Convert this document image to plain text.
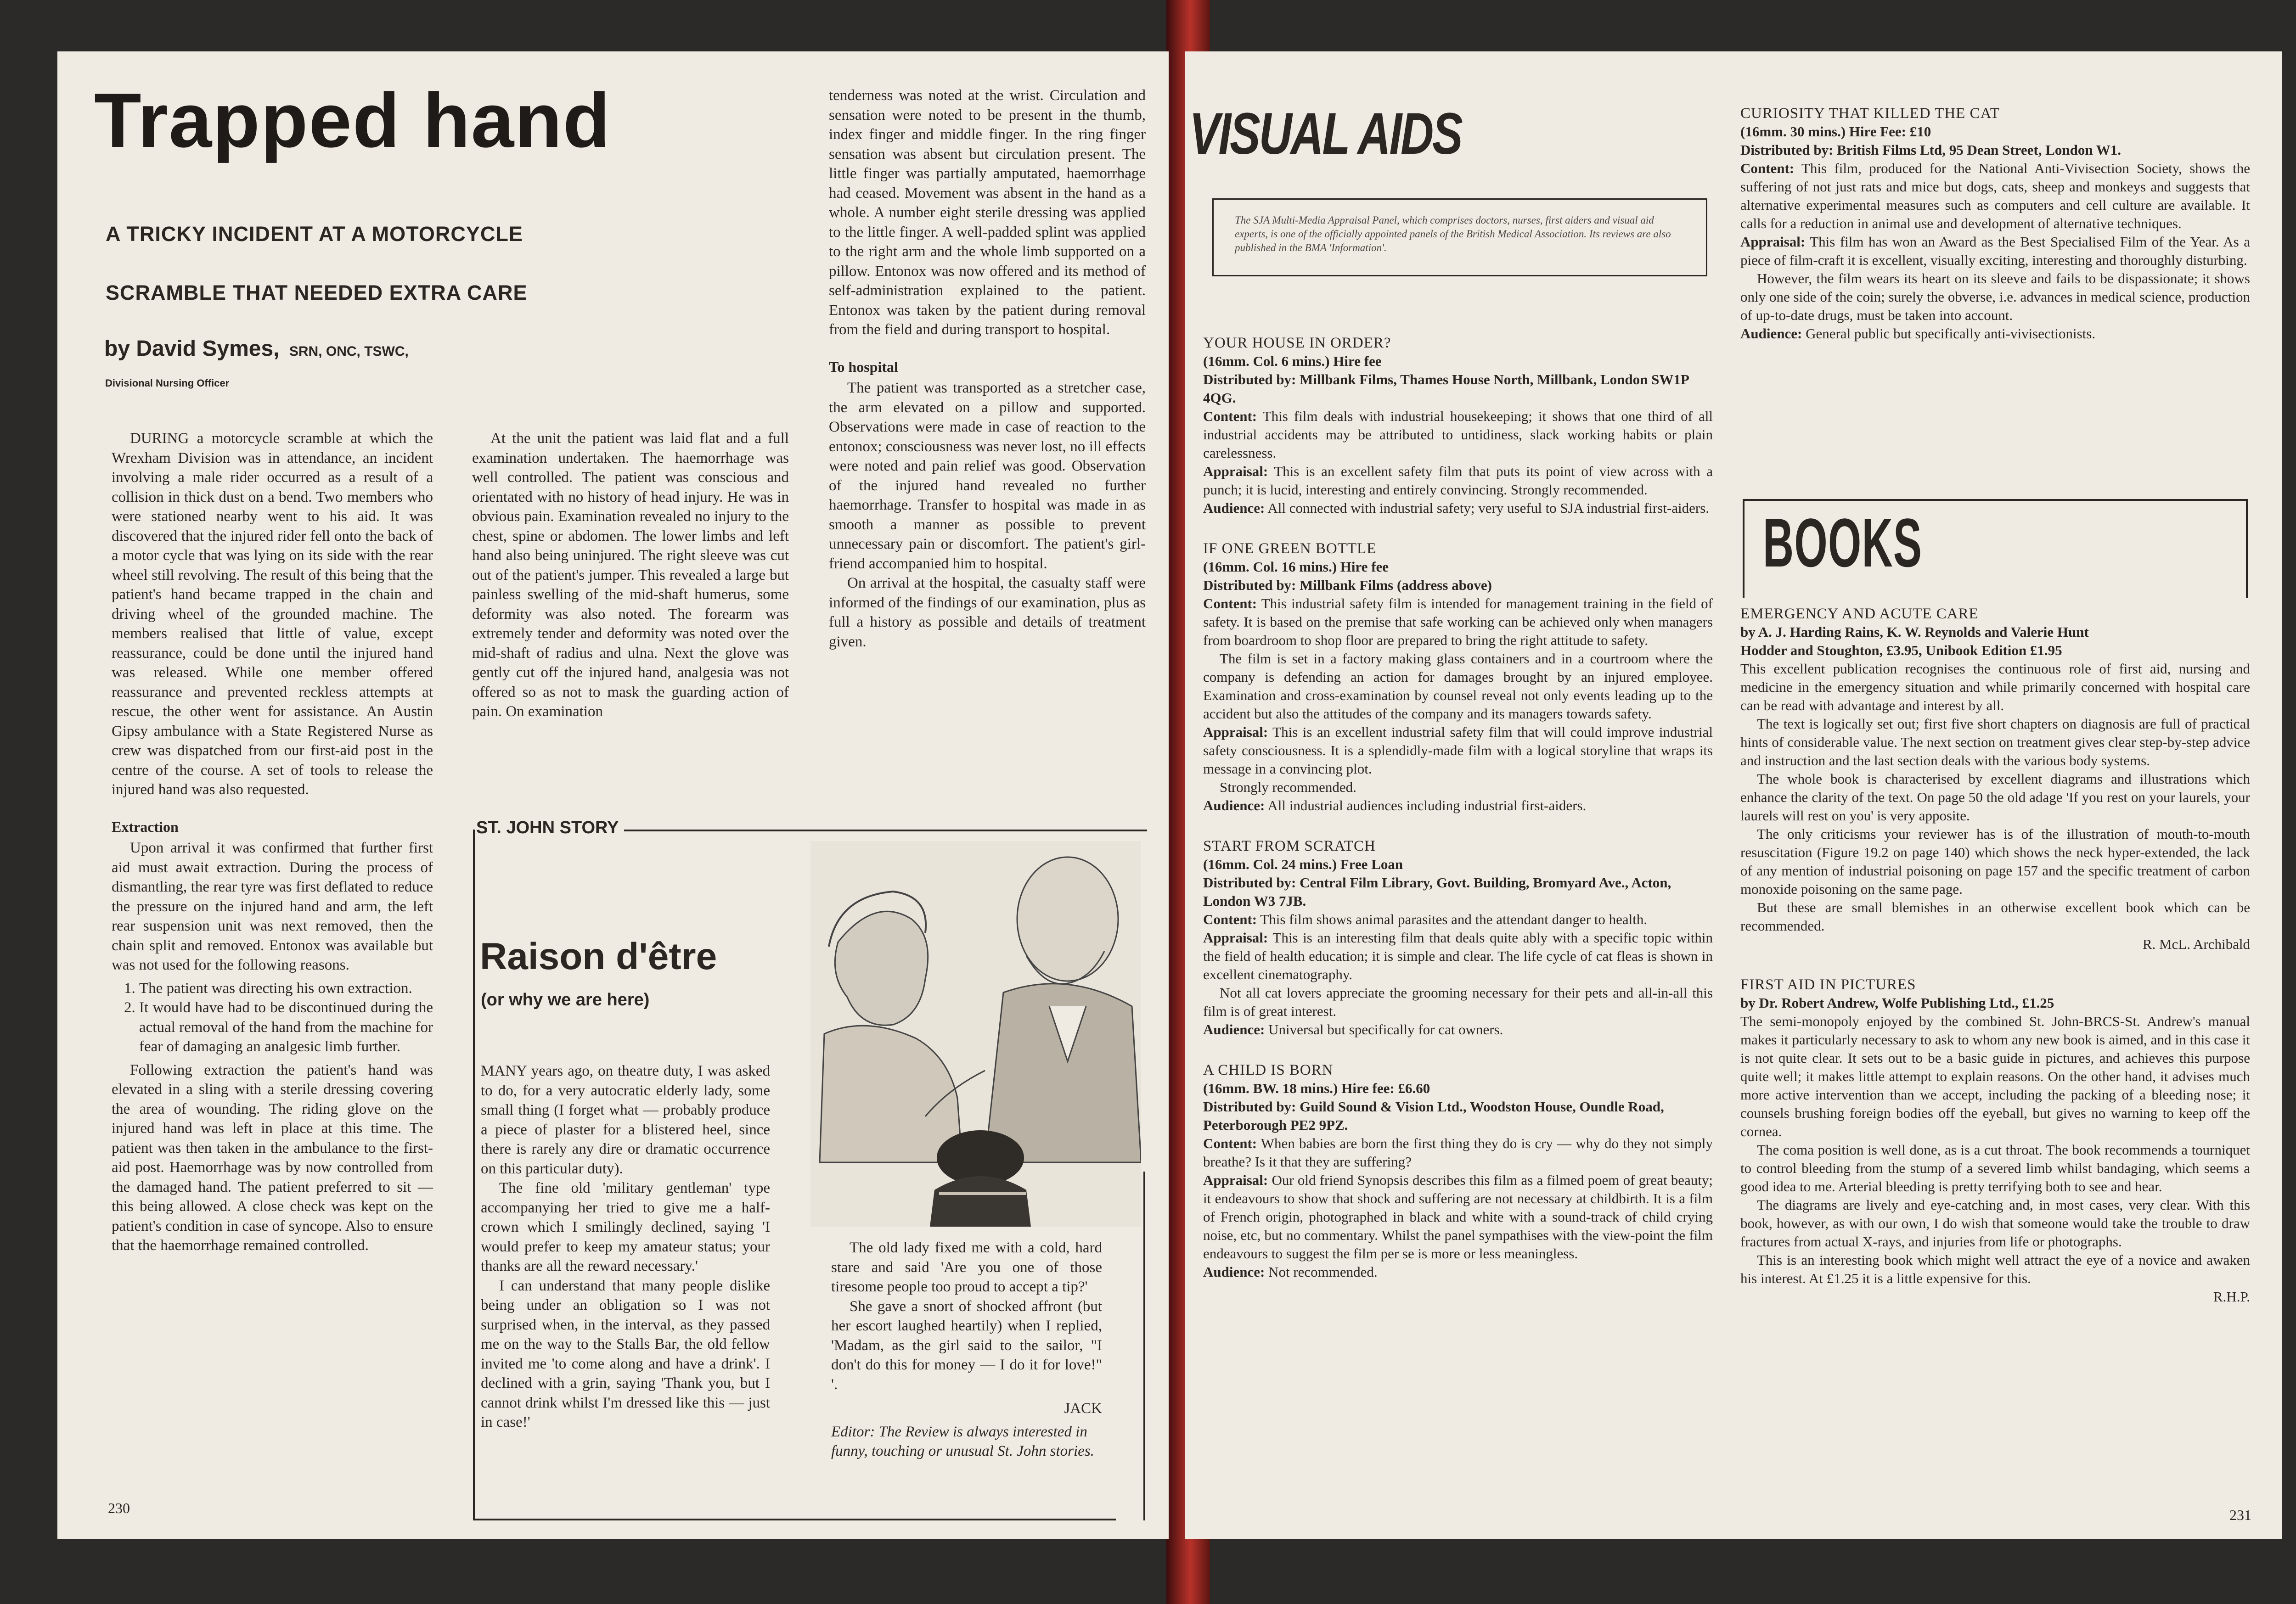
Trapped hand
A TRICKY INCIDENT AT A MOTORCYCLE
SCRAMBLE THAT NEEDED EXTRA CARE
by David Symes, SRN, ONC, TSWC,
Divisional Nursing Officer

DURING a motorcycle scramble at which the Wrexham Division was in attendance, an incident involving a male rider occurred as a result of a collision in thick dust on a bend. Two members who were stationed nearby went to his aid. It was discovered that the injured rider fell onto the back of a motor cycle that was lying on its side with the rear wheel still revolving. The result of this being that the patient's hand became trapped in the chain and driving wheel of the grounded machine. The members realised that little of value, except reassurance, could be done until the injured hand was released. While one member offered reassurance and prevented reckless attempts at rescue, the other went for assistance. An Austin Gipsy ambulance with a State Registered Nurse as crew was dispatched from our first-aid post in the centre of the course. A set of tools to release the injured hand was also requested.

Extraction

Upon arrival it was confirmed that further first aid must await extraction. During the process of dismantling, the rear tyre was first deflated to reduce the pressure on the injured hand and arm, the left rear suspension unit was next removed, then the chain split and removed. Entonox was available but was not used for the following reasons.

1. The patient was directing his own extraction.
2. It would have had to be discontinued during the actual removal of the hand from the machine for fear of damaging an analgesic limb further.

Following extraction the patient's hand was elevated in a sling with a sterile dressing covering the area of wounding. The riding glove on the injured hand was left in place at this time. The patient was then taken in the ambulance to the first-aid post. Haemorrhage was by now controlled from the damaged hand. The patient preferred to sit — this being allowed. A close check was kept on the patient's condition in case of syncope. Also to ensure that the haemorrhage remained controlled.

At the unit the patient was laid flat and a full examination undertaken. The haemorrhage was well controlled. The patient was conscious and orientated with no history of head injury. He was in obvious pain. Examination revealed no injury to the chest, spine or abdomen. The lower limbs and left hand also being uninjured. The right sleeve was cut out of the patient's jumper. This revealed a large but painless swelling of the mid-shaft humerus, some deformity was also noted. The forearm was extremely tender and deformity was noted over the mid-shaft of radius and ulna. Next the glove was gently cut off the injured hand, analgesia was not offered so as not to mask the guarding action of pain. On examination

tenderness was noted at the wrist. Circulation and sensation were noted to be present in the thumb, index finger and middle finger. In the ring finger sensation was absent but circulation present. The little finger was partially amputated, haemorrhage had ceased. Movement was absent in the hand as a whole. A number eight sterile dressing was applied to the little finger. A well-padded splint was applied to the right arm and the whole limb supported on a pillow. Entonox was now offered and its method of self-administration explained to the patient. Entonox was taken by the patient during removal from the field and during transport to hospital.

To hospital

The patient was transported as a stretcher case, the arm elevated on a pillow and supported. Observations were made in case of reaction to the entonox; consciousness was never lost, no ill effects were noted and pain relief was good. Observation of the injured hand revealed no further haemorrhage. Transfer to hospital was made in as smooth a manner as possible to prevent unnecessary pain or discomfort. The patient's girl-friend accompanied him to hospital.

On arrival at the hospital, the casualty staff were informed of the findings of our examination, plus as full a history as possible and details of treatment given.

ST. JOHN STORY
Raison d'être
(or why we are here)

MANY years ago, on theatre duty, I was asked to do, for a very autocratic elderly lady, some small thing (I forget what — probably produce a piece of plaster for a blistered heel, since there is rarely any dire or dramatic occurrence on this particular duty).

The fine old 'military gentleman' type accompanying her tried to give me a half-crown which I smilingly declined, saying 'I would prefer to keep my amateur status; your thanks are all the reward necessary.'

I can understand that many people dislike being under an obligation so I was not surprised when, in the interval, as they passed me on the way to the Stalls Bar, the old fellow invited me 'to come along and have a drink'. I declined with a grin, saying 'Thank you, but I cannot drink whilst I'm dressed like this — just in case!'

The old lady fixed me with a cold, hard stare and said 'Are you one of those tiresome people too proud to accept a tip?'

She gave a snort of shocked affront (but her escort laughed heartily) when I replied, 'Madam, as the girl said to the sailor, "I don't do this for money — I do it for love!" '.

JACK

Editor: The Review is always interested in funny, touching or unusual St. John stories.

230
VISUAL AIDS
The SJA Multi-Media Appraisal Panel, which comprises doctors, nurses, first aiders and visual aid experts, is one of the officially appointed panels of the British Medical Association. Its reviews are also published in the BMA 'Information'.
YOUR HOUSE IN ORDER?

(16mm. Col. 6 mins.) Hire fee

Distributed by: Millbank Films, Thames House North, Millbank, London SW1P 4QG.

Content: This film deals with industrial housekeeping; it shows that one third of all industrial accidents may be attributed to untidiness, slack working habits or plain carelessness.

Appraisal: This is an excellent safety film that puts its point of view across with a punch; it is lucid, interesting and entirely convincing. Strongly recommended.

Audience: All connected with industrial safety; very useful to SJA industrial first-aiders.

IF ONE GREEN BOTTLE

(16mm. Col. 16 mins.) Hire fee

Distributed by: Millbank Films (address above)

Content: This industrial safety film is intended for management training in the field of safety. It is based on the premise that safe working can be achieved only when managers from boardroom to shop floor are prepared to bring the right attitude to safety.

The film is set in a factory making glass containers and in a courtroom where the company is defending an action for damages brought by an injured employee. Examination and cross-examination by counsel reveal not only events leading up to the accident but also the attitudes of the company and its managers towards safety.

Appraisal: This is an excellent industrial safety film that will could improve industrial safety consciousness. It is a splendidly-made film with a logical storyline that wraps its message in a convincing plot.

Strongly recommended.

Audience: All industrial audiences including industrial first-aiders.

START FROM SCRATCH

(16mm. Col. 24 mins.) Free Loan

Distributed by: Central Film Library, Govt. Building, Bromyard Ave., Acton, London W3 7JB.

Content: This film shows animal parasites and the attendant danger to health.

Appraisal: This is an interesting film that deals quite ably with a specific topic within the field of health education; it is simple and clear. The life cycle of cat fleas is shown in excellent cinematography.

Not all cat lovers appreciate the grooming necessary for their pets and all-in-all this film is of great interest.

Audience: Universal but specifically for cat owners.

A CHILD IS BORN

(16mm. BW. 18 mins.) Hire fee: £6.60

Distributed by: Guild Sound & Vision Ltd., Woodston House, Oundle Road, Peterborough PE2 9PZ.

Content: When babies are born the first thing they do is cry — why do they not simply breathe? Is it that they are suffering?

Appraisal: Our old friend Synopsis describes this film as a filmed poem of great beauty; it endeavours to show that shock and suffering are not necessary at childbirth. It is a film of French origin, photographed in black and white with a sound-track of child crying noise, etc, but no commentary. Whilst the panel sympathises with the view-point the film endeavours to suggest the film per se is more or less meaningless.

Audience: Not recommended.

CURIOSITY THAT KILLED THE CAT

(16mm. 30 mins.) Hire Fee: £10

Distributed by: British Films Ltd, 95 Dean Street, London W1.

Content: This film, produced for the National Anti-Vivisection Society, shows the suffering of not just rats and mice but dogs, cats, sheep and monkeys and suggests that alternative experimental measures such as computers and cell culture are available. It calls for a reduction in animal use and development of alternative techniques.

Appraisal: This film has won an Award as the Best Specialised Film of the Year. As a piece of film-craft it is excellent, visually exciting, interesting and thoroughly disturbing.

However, the film wears its heart on its sleeve and fails to be dispassionate; it shows only one side of the coin; surely the obverse, i.e. advances in medical science, production of up-to-date drugs, must be taken into account.

Audience: General public but specifically anti-vivisectionists.

BOOKS
EMERGENCY AND ACUTE CARE

by A. J. Harding Rains, K. W. Reynolds and Valerie Hunt

Hodder and Stoughton, £3.95, Unibook Edition £1.95

This excellent publication recognises the continuous role of first aid, nursing and medicine in the emergency situation and while primarily concerned with hospital care can be read with advantage and interest by all.

The text is logically set out; first five short chapters on diagnosis are full of practical hints of considerable value. The next section on treatment gives clear step-by-step advice and instruction and the last section deals with the various body systems.

The whole book is characterised by excellent diagrams and illustrations which enhance the clarity of the text. On page 50 the old adage 'If you rest on your laurels, your laurels will rest on you' is very apposite.

The only criticisms your reviewer has is of the illustration of mouth-to-mouth resuscitation (Figure 19.2 on page 140) which shows the neck hyper-extended, the lack of any mention of industrial poisoning on page 157 and the specific treatment of carbon monoxide poisoning on the same page.

But these are small blemishes in an otherwise excellent book which can be recommended.

R. McL. Archibald

FIRST AID IN PICTURES

by Dr. Robert Andrew, Wolfe Publishing Ltd., £1.25

The semi-monopoly enjoyed by the combined St. John-BRCS-St. Andrew's manual makes it particularly necessary to ask to whom any new book is aimed, and in this case it is not quite clear. It sets out to be a basic guide in pictures, and achieves this purpose quite well; it makes little attempt to explain reasons. On the other hand, it advises much more active intervention than we accept, including the packing of a bleeding nose; it counsels brushing foreign bodies off the eyeball, but gives no warning to keep off the cornea.

The coma position is well done, as is a cut throat. The book recommends a tourniquet to control bleeding from the stump of a severed limb whilst bandaging, which seems a good idea to me. Arterial bleeding is pretty terrifying both to see and hear.

The diagrams are lively and eye-catching and, in most cases, very clear. With this book, however, as with our own, I do wish that someone would take the trouble to draw fractures from actual X-rays, and injuries from life or photographs.

This is an interesting book which might well attract the eye of a novice and awaken his interest. At £1.25 it is a little expensive for this.

R.H.P.

231
